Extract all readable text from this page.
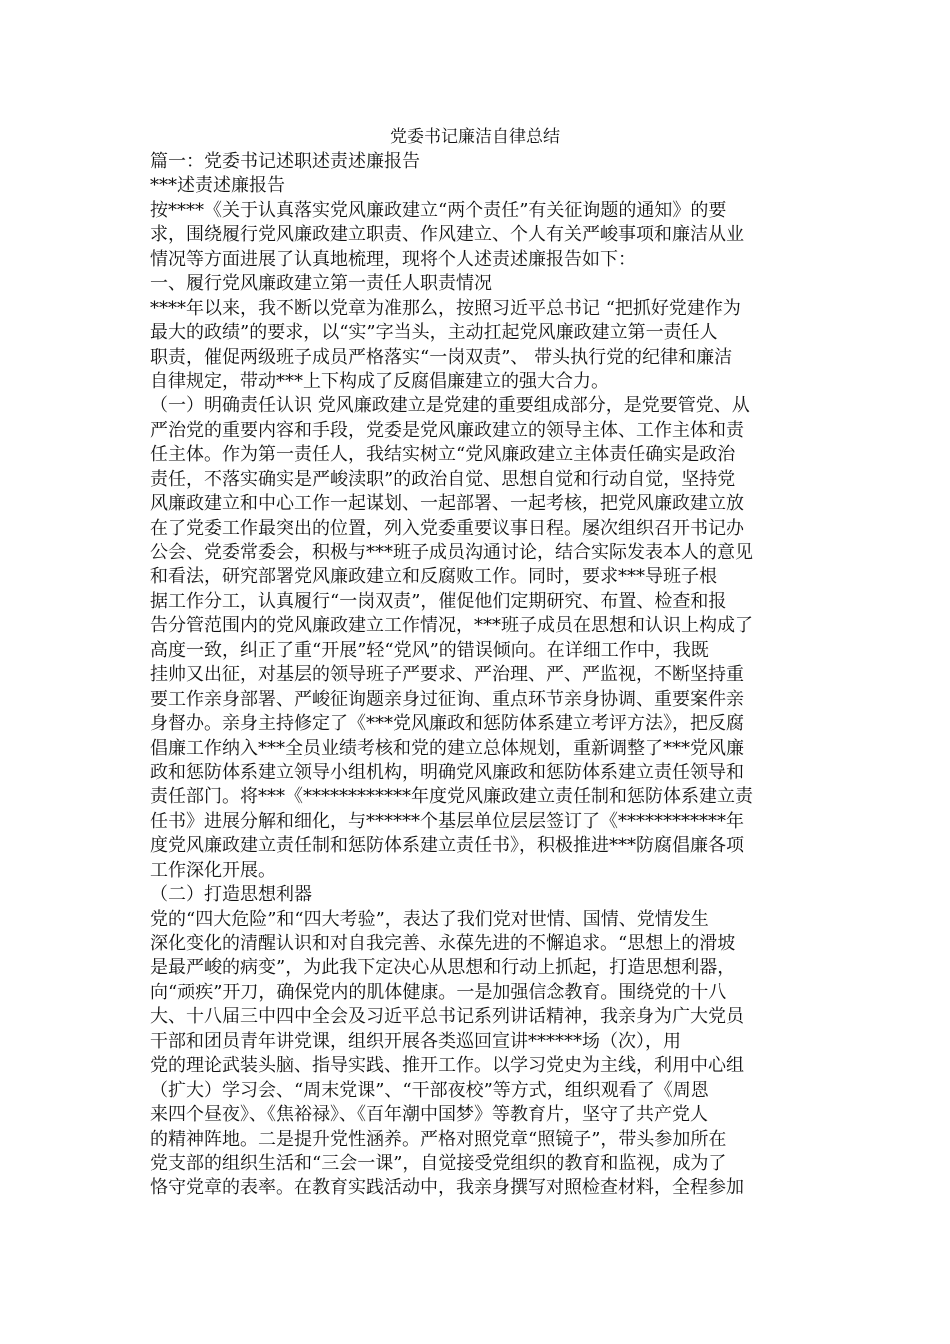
党委书记廉洁自律总结
篇一：党委书记述职述责述廉报告
***述责述廉报告
按****《关于认真落实党风廉政建立“两个责任”有关征询题的通知》的要
求，围绕履行党风廉政建立职责、作风建立、个人有关严峻事项和廉洁从业
情况等方面进展了认真地梳理，现将个人述责述廉报告如下：
一、履行党风廉政建立第一责任人职责情况
****年以来，我不断以党章为准那么，按照习近平总书记 “把抓好党建作为
最大的政绩”的要求，以“实”字当头，主动扛起党风廉政建立第一责任人
职责，催促两级班子成员严格落实“一岗双责”、 带头执行党的纪律和廉洁
自律规定，带动***上下构成了反腐倡廉建立的强大合力。
（一）明确责任认识 党风廉政建立是党建的重要组成部分，是党要管党、从
严治党的重要内容和手段，党委是党风廉政建立的领导主体、工作主体和责
任主体。作为第一责任人，我结实树立“党风廉政建立主体责任确实是政治
责任，不落实确实是严峻渎职”的政治自觉、思想自觉和行动自觉，坚持党
风廉政建立和中心工作一起谋划、一起部署、一起考核，把党风廉政建立放
在了党委工作最突出的位置，列入党委重要议事日程。屡次组织召开书记办
公会、党委常委会，积极与***班子成员沟通讨论，结合实际发表本人的意见
和看法，研究部署党风廉政建立和反腐败工作。同时，要求***导班子根
据工作分工，认真履行“一岗双责”，催促他们定期研究、布置、检查和报
告分管范围内的党风廉政建立工作情况，***班子成员在思想和认识上构成了
高度一致，纠正了重“开展”轻“党风”的错误倾向。在详细工作中，我既
挂帅又出征，对基层的领导班子严要求、严治理、严、严监视，不断坚持重
要工作亲身部署、严峻征询题亲身过征询、重点环节亲身协调、重要案件亲
身督办。亲身主持修定了《***党风廉政和惩防体系建立考评方法》，把反腐
倡廉工作纳入***全员业绩考核和党的建立总体规划，重新调整了***党风廉
政和惩防体系建立领导小组机构，明确党风廉政和惩防体系建立责任领导和
责任部门。将***《************年度党风廉政建立责任制和惩防体系建立责
任书》进展分解和细化，与******个基层单位层层签订了《************年
度党风廉政建立责任制和惩防体系建立责任书》，积极推进***防腐倡廉各项
工作深化开展。
（二）打造思想利器
党的“四大危险”和“四大考验”，表达了我们党对世情、国情、党情发生
深化变化的清醒认识和对自我完善、永葆先进的不懈追求。“思想上的滑坡
是最严峻的病变”，为此我下定决心从思想和行动上抓起，打造思想利器，
向“顽疾”开刀，确保党内的肌体健康。一是加强信念教育。围绕党的十八
大、十八届三中四中全会及习近平总书记系列讲话精神，我亲身为广大党员
干部和团员青年讲党课，组织开展各类巡回宣讲******场（次），用
党的理论武装头脑、指导实践、推开工作。以学习党史为主线，利用中心组
（扩大）学习会、“周末党课”、“干部夜校”等方式，组织观看了《周恩
来四个昼夜》、《焦裕禄》、《百年潮中国梦》等教育片，坚守了共产党人
的精神阵地。二是提升党性涵养。严格对照党章“照镜子”，带头参加所在
党支部的组织生活和“三会一课”，自觉接受党组织的教育和监视，成为了
恪守党章的表率。在教育实践活动中，我亲身撰写对照检查材料，全程参加
